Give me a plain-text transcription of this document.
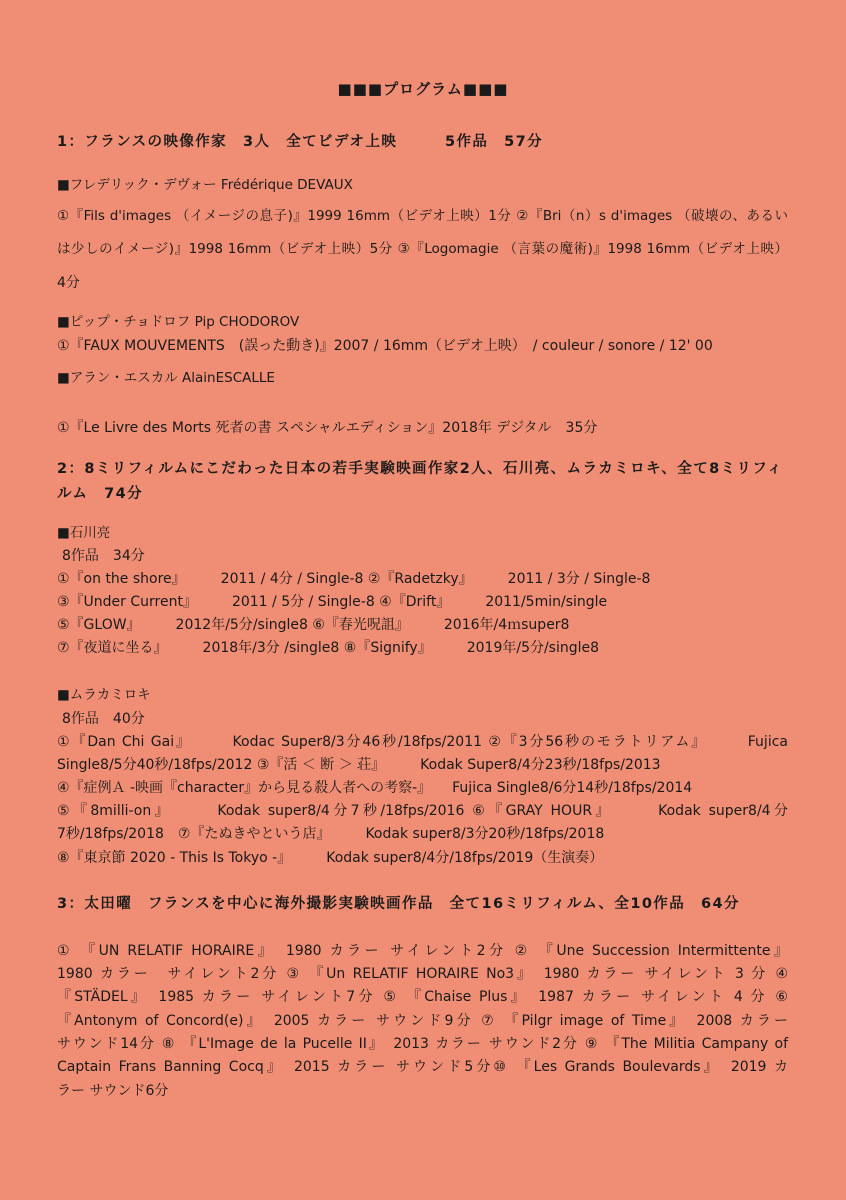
■■■プログラム■■■
1：フランスの映像作家　3人　全てビデオ上映　　　5作品　57分
■フレデリック・デヴォー Frédérique DEVAUX
①『Fils d'images （イメージの息子)』1999 16mm（ビデオ上映）1分 ②『Bri（n）s d'images （破壊の、あるい
は少しのイメージ)』1998 16mm（ビデオ上映）5分 ③『Logomagie （言葉の魔術)』1998 16mm（ビデオ上映）
4分
■ピップ・チョドロフ Pip CHODOROV
①『FAUX MOUVEMENTS　(誤った動き)』2007 / 16mm（ビデオ上映）　/ couleur / sonore / 12' 00
■アラン・エスカル AlainESCALLE
①『Le Livre des Morts 死者の書 スペシャルエディション』2018年 デジタル　35分
2：8ミリフィルムにこだわった日本の若手実験映画作家2人、石川亮、ムラカミロキ、全て8ミリフィ
ルム　74分
■石川亮
8作品　34分
①『on the shore』　　　2011 / 4分 / Single-8 ②『Radetzky』　　　2011 / 3分 / Single-8
③『Under Current』　　　2011 / 5分 / Single-8 ④『Drift』　　　2011/5min/single
⑤『GLOW』　　　2012年/5分/single8 ⑥『春光呪詛』　　　2016年/4ｍsuper8
⑦『夜道に坐る』　　　2018年/3分 /single8 ⑧『Signify』　　　2019年/5分/single8
■ムラカミロキ
8作品　40分
①『Dan Chi Gai』　　　Kodac Super8/3分46秒/18fps/2011 ②『3分56秒のモラトリアム』　　　Fujica
Single8/5分40秒/18fps/2012 ③『活 ＜ 断 ＞ 荘』　　　Kodak Super8/4分23秒/18fps/2013
④『症例Ａ -映画『character』から見る殺人者への考察-』　　Fujica Single8/6分14秒/18fps/2014
⑤『8milli-on』　　　Kodak super8/4分7秒/18fps/2016 ⑥『GRAY HOUR』　　　Kodak super8/4分
7秒/18fps/2018　⑦『たぬきやという店』　　　Kodak super8/3分20秒/18fps/2018
⑧『東京節 2020 - This Is Tokyo -』　　　Kodak super8/4分/18fps/2019（生演奏）
3：太田曜　フランスを中心に海外撮影実験映画作品　全て16ミリフィルム、全10作品　64分
① 『UN RELATIF HORAIRE』　1980 カラー サイレント2分 ② 『Une Succession Intermittente』
1980 カラー　サイレント2分 ③ 『Un RELATIF HORAIRE No3』　1980 カラー サイレント 3 分 ④
『STÄDEL』　1985 カラー サイレント7分 ⑤ 『Chaise Plus』　1987 カラー サイレント 4 分 ⑥
『Antonym of Concord(e)』　2005 カラー サウンド9分 ⑦ 『Pilgr image of Time』　2008 カラー
サウンド14分 ⑧ 『L'Image de la Pucelle II』　2013 カラー サウンド2分 ⑨ 『The Militia Campany of
Captain Frans Banning Cocq』　2015 カラー サウンド5分⑩ 『Les Grands Boulevards』　2019 カ
ラー サウンド6分
